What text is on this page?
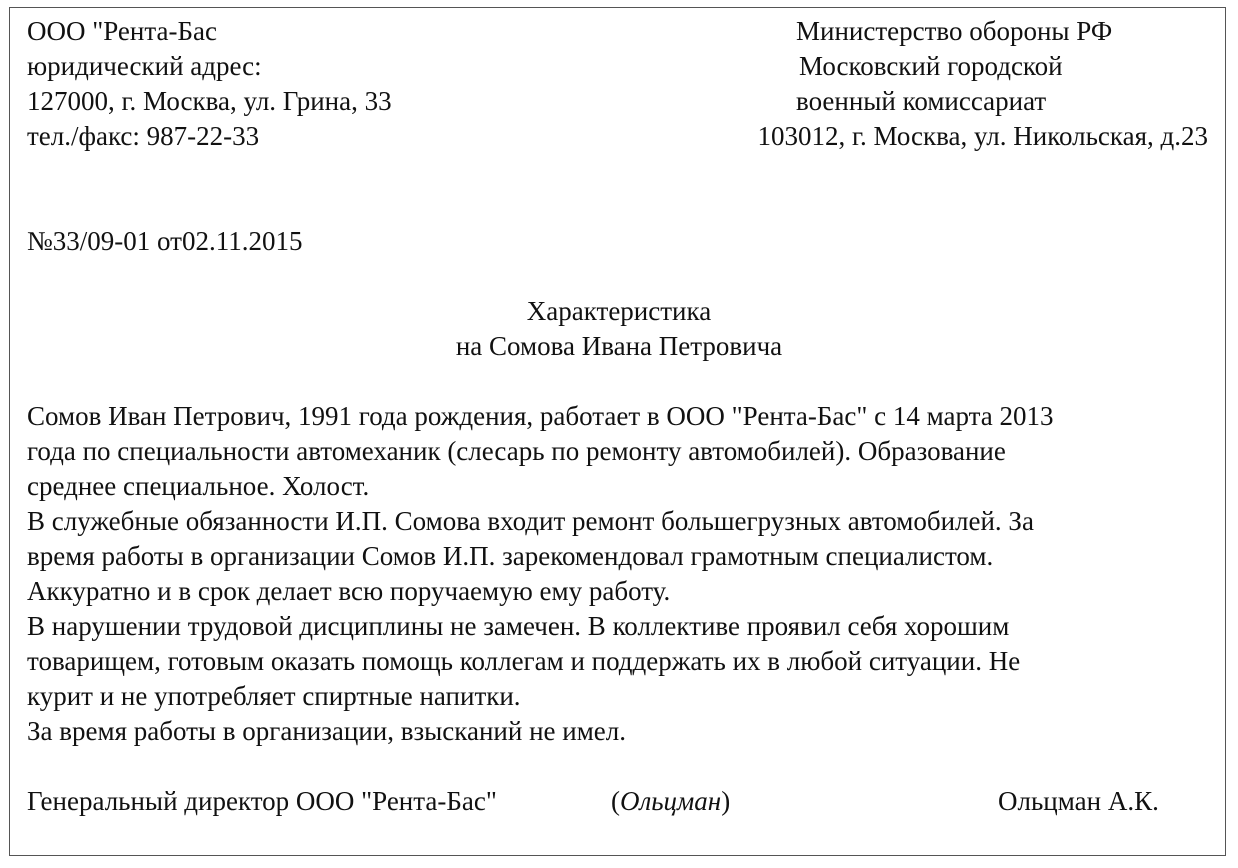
ООО "Рента-Бас
юридический адрес:
127000, г. Москва, ул. Грина, 33
тел./факс: 987-22-33
Министерство обороны РФ
Московский городской
военный комиссариат
103012, г. Москва, ул. Никольская, д.23
№33/09-01 от02.11.2015
Характеристика
на Сомова Ивана Петровича
Сомов Иван Петрович, 1991 года рождения, работает в ООО "Рента-Бас" с 14 марта 2013
года по специальности автомеханик (слесарь по ремонту автомобилей). Образование
среднее специальное. Холост.
В служебные обязанности И.П. Сомова входит ремонт большегрузных автомобилей. За
время работы в организации Сомов И.П. зарекомендовал грамотным специалистом.
Аккуратно и в срок делает всю поручаемую ему работу.
В нарушении трудовой дисциплины не замечен. В коллективе проявил себя хорошим
товарищем, готовым оказать помощь коллегам и поддержать их в любой ситуации. Не
курит и не употребляет спиртные напитки.
За время работы в организации, взысканий не имел.
Генеральный директор ООО "Рента-Бас"	(Ольцман)	Ольцман А.К.
